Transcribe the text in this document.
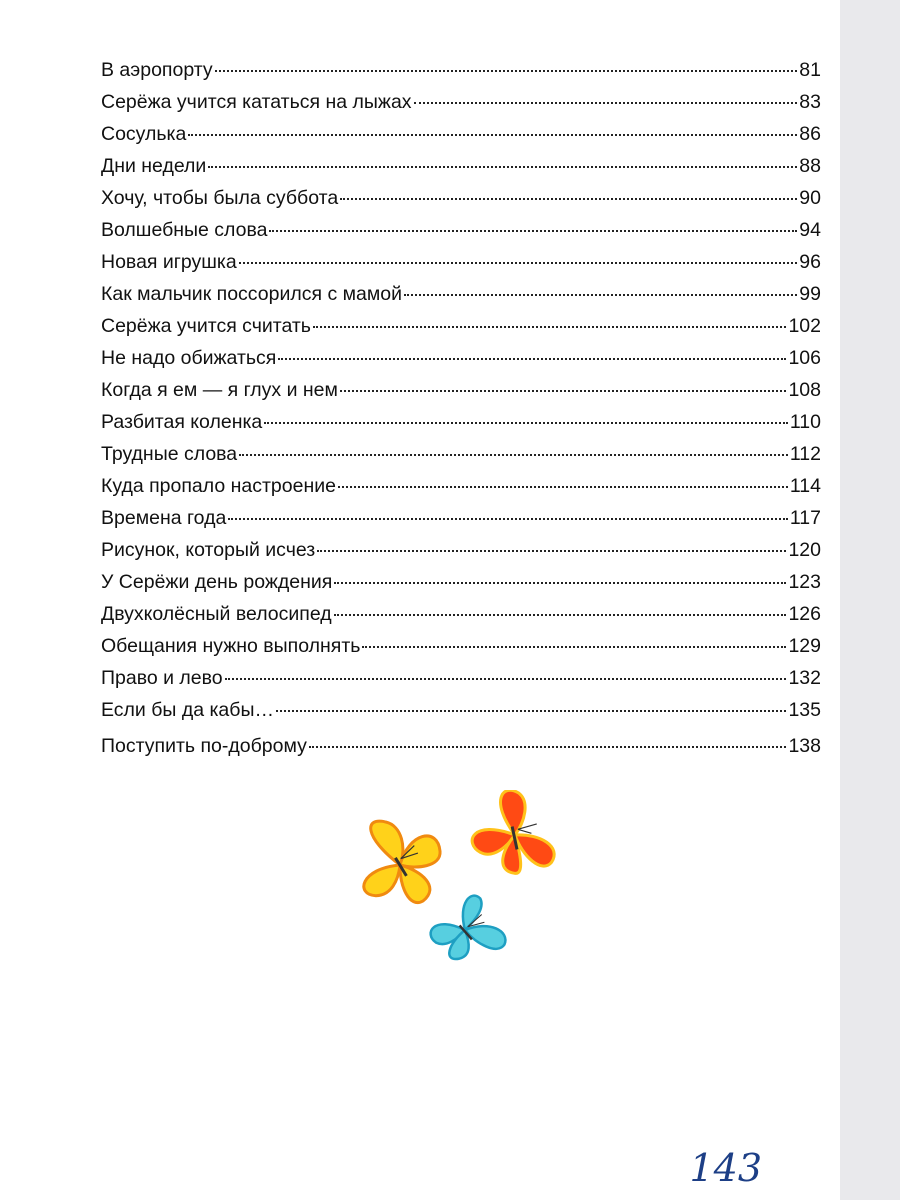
В аэропорту	81
Серёжа учится кататься на лыжах	83
Сосулька	86
Дни недели	88
Хочу, чтобы была суббота	90
Волшебные слова	94
Новая игрушка	96
Как мальчик поссорился с мамой	99
Серёжа учится считать	102
Не надо обижаться	106
Когда я ем — я глух и нем	108
Разбитая коленка	110
Трудные слова	112
Куда пропало настроение	114
Времена года	117
Рисунок, который исчез	120
У Серёжи день рождения	123
Двухколёсный велосипед	126
Обещания нужно выполнять	129
Право и лево	132
Если бы да кабы…	135
Поступить по-доброму	138
143
